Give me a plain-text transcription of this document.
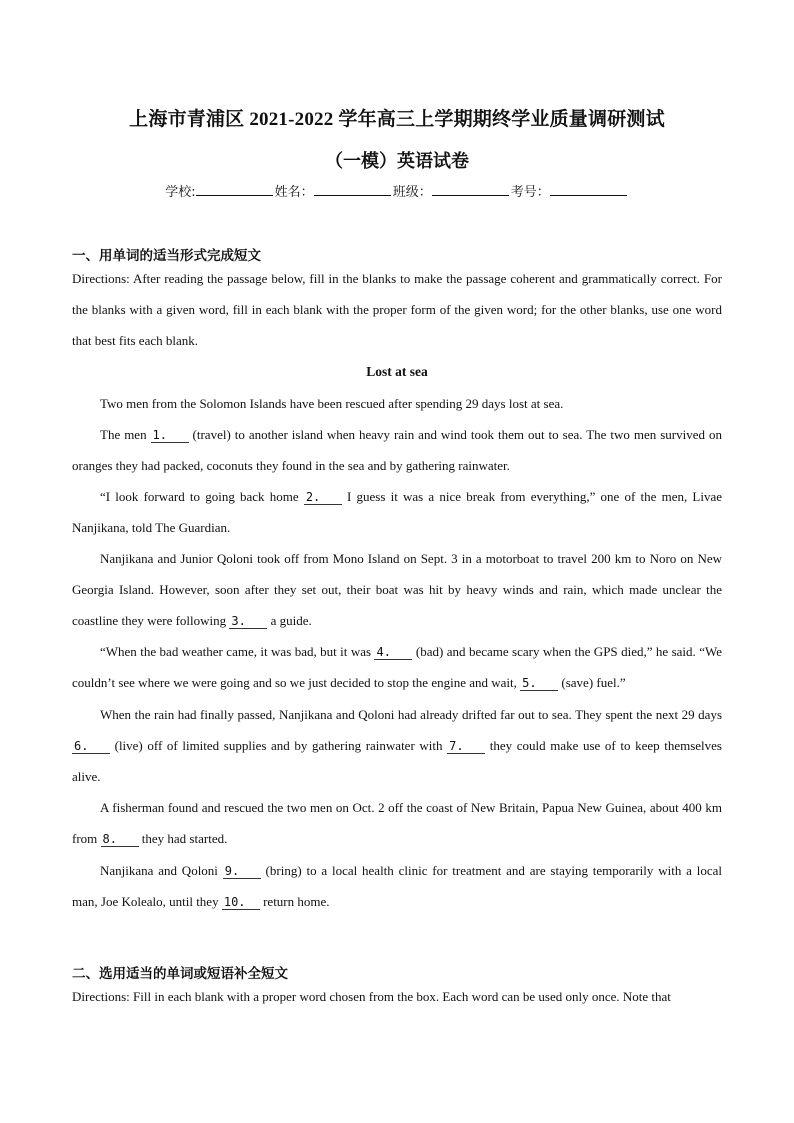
上海市青浦区 2021-2022 学年高三上学期期终学业质量调研测试
（一模）英语试卷
学校:	姓名：	班级：	考号：
一、用单词的适当形式完成短文
Directions: After reading the passage below, fill in the blanks to make the passage coherent and grammatically correct. For the blanks with a given word, fill in each blank with the proper form of the given word; for the other blanks, use one word that best fits each blank.
Lost at sea
Two men from the Solomon Islands have been rescued after spending 29 days lost at sea.
The men 1. (travel) to another island when heavy rain and wind took them out to sea. The two men survived on oranges they had packed, coconuts they found in the sea and by gathering rainwater.
“I look forward to going back home 2. I guess it was a nice break from everything,” one of the men, Livae Nanjikana, told The Guardian.
Nanjikana and Junior Qoloni took off from Mono Island on Sept. 3 in a motorboat to travel 200 km to Noro on New Georgia Island. However, soon after they set out, their boat was hit by heavy winds and rain, which made unclear the coastline they were following 3. a guide.
“When the bad weather came, it was bad, but it was 4. (bad) and became scary when the GPS died,” he said. “We couldn’t see where we were going and so we just decided to stop the engine and wait, 5. (save) fuel.”
When the rain had finally passed, Nanjikana and Qoloni had already drifted far out to sea. They spent the next 29 days 6. (live) off of limited supplies and by gathering rainwater with 7. they could make use of to keep themselves alive.
A fisherman found and rescued the two men on Oct. 2 off the coast of New Britain, Papua New Guinea, about 400 km from 8. they had started.
Nanjikana and Qoloni 9. (bring) to a local health clinic for treatment and are staying temporarily with a local man, Joe Kolealo, until they 10. return home.
二、选用适当的单词或短语补全短文
Directions: Fill in each blank with a proper word chosen from the box. Each word can be used only once. Note that
